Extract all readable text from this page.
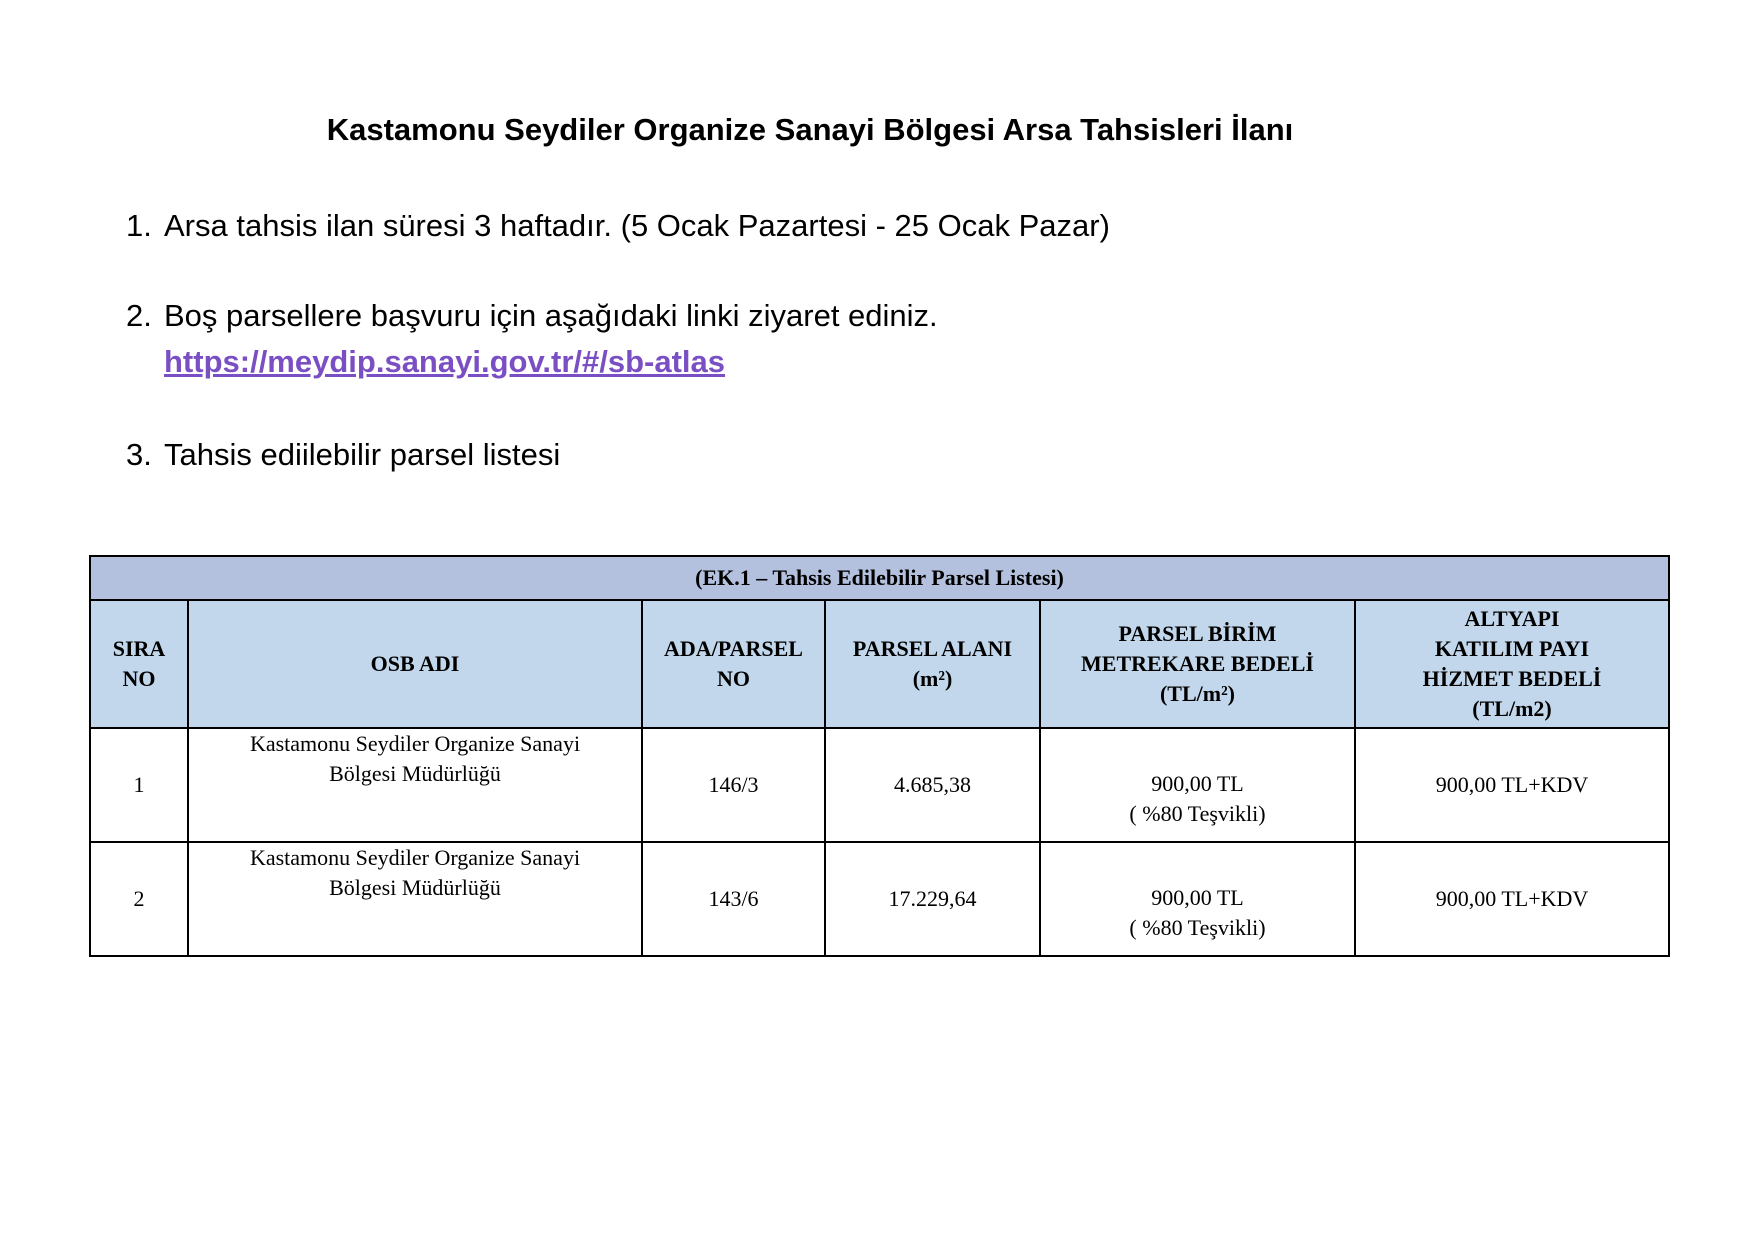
Kastamonu Seydiler Organize Sanayi Bölgesi Arsa Tahsisleri İlanı
1. Arsa tahsis ilan süresi 3 haftadır. (5 Ocak Pazartesi - 25 Ocak Pazar)
2. Boş parsellere başvuru için aşağıdaki linki ziyaret ediniz.
https://meydip.sanayi.gov.tr/#/sb-atlas
3. Tahsis ediilebilir parsel listesi
(EK.1 – Tahsis Edilebilir Parsel Listesi)					
SIRA
NO	OSB ADI	ADA/PARSEL
NO	PARSEL ALANI
(m²)	PARSEL BİRİM
METREKARE BEDELİ
(TL/m²)	ALTYAPI
KATILIM PAYI
HİZMET BEDELİ
(TL/m2)
1	Kastamonu Seydiler Organize Sanayi
Bölgesi Müdürlüğü	146/3	4.685,38	900,00 TL
( %80 Teşvikli)	900,00 TL+KDV
2	Kastamonu Seydiler Organize Sanayi
Bölgesi Müdürlüğü	143/6	17.229,64	900,00 TL
( %80 Teşvikli)	900,00 TL+KDV
